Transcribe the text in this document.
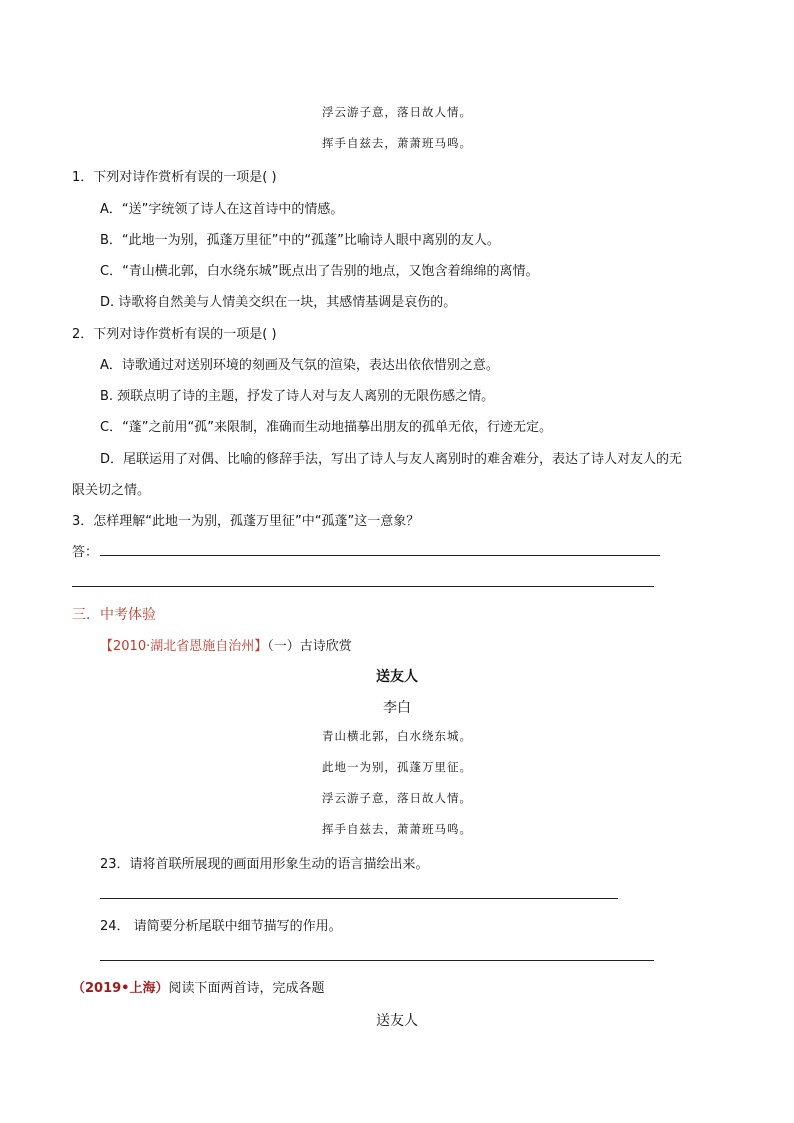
浮云游子意，落日故人情。
挥手自兹去，萧萧班马鸣。
1．下列对诗作赏析有误的一项是( )
A．“送”字统领了诗人在这首诗中的情感。
B．“此地一为别，孤蓬万里征”中的“孤蓬”比喻诗人眼中离别的友人。
C．“青山横北郭，白水绕东城”既点出了告别的地点，又饱含着绵绵的离情。
D. 诗歌将自然美与人情美交织在一块，其感情基调是哀伤的。
2．下列对诗作赏析有误的一项是( )
A．诗歌通过对送别环境的刻画及气氛的渲染，表达出依依惜别之意。
B. 颈联点明了诗的主题，抒发了诗人对与友人离别的无限伤感之情。
C．“蓬”之前用“孤”来限制，准确而生动地描摹出朋友的孤单无依，行迹无定。
D．尾联运用了对偶、比喻的修辞手法，写出了诗人与友人离别时的难舍难分，表达了诗人对友人的无
限关切之情。
3．怎样理解“此地一为别，孤蓬万里征”中“孤蓬”这一意象？
答：
三．中考体验
【2010·湖北省恩施自治州】（一）古诗欣赏
送友人
李白
青山横北郭，白水绕东城。
此地一为别，孤蓬万里征。
浮云游子意，落日故人情。
挥手自兹去，萧萧班马鸣。
23．请将首联所展现的画面用形象生动的语言描绘出来。
24． 请简要分析尾联中细节描写的作用。
（2019•上海）阅读下面两首诗，完成各题
送友人
